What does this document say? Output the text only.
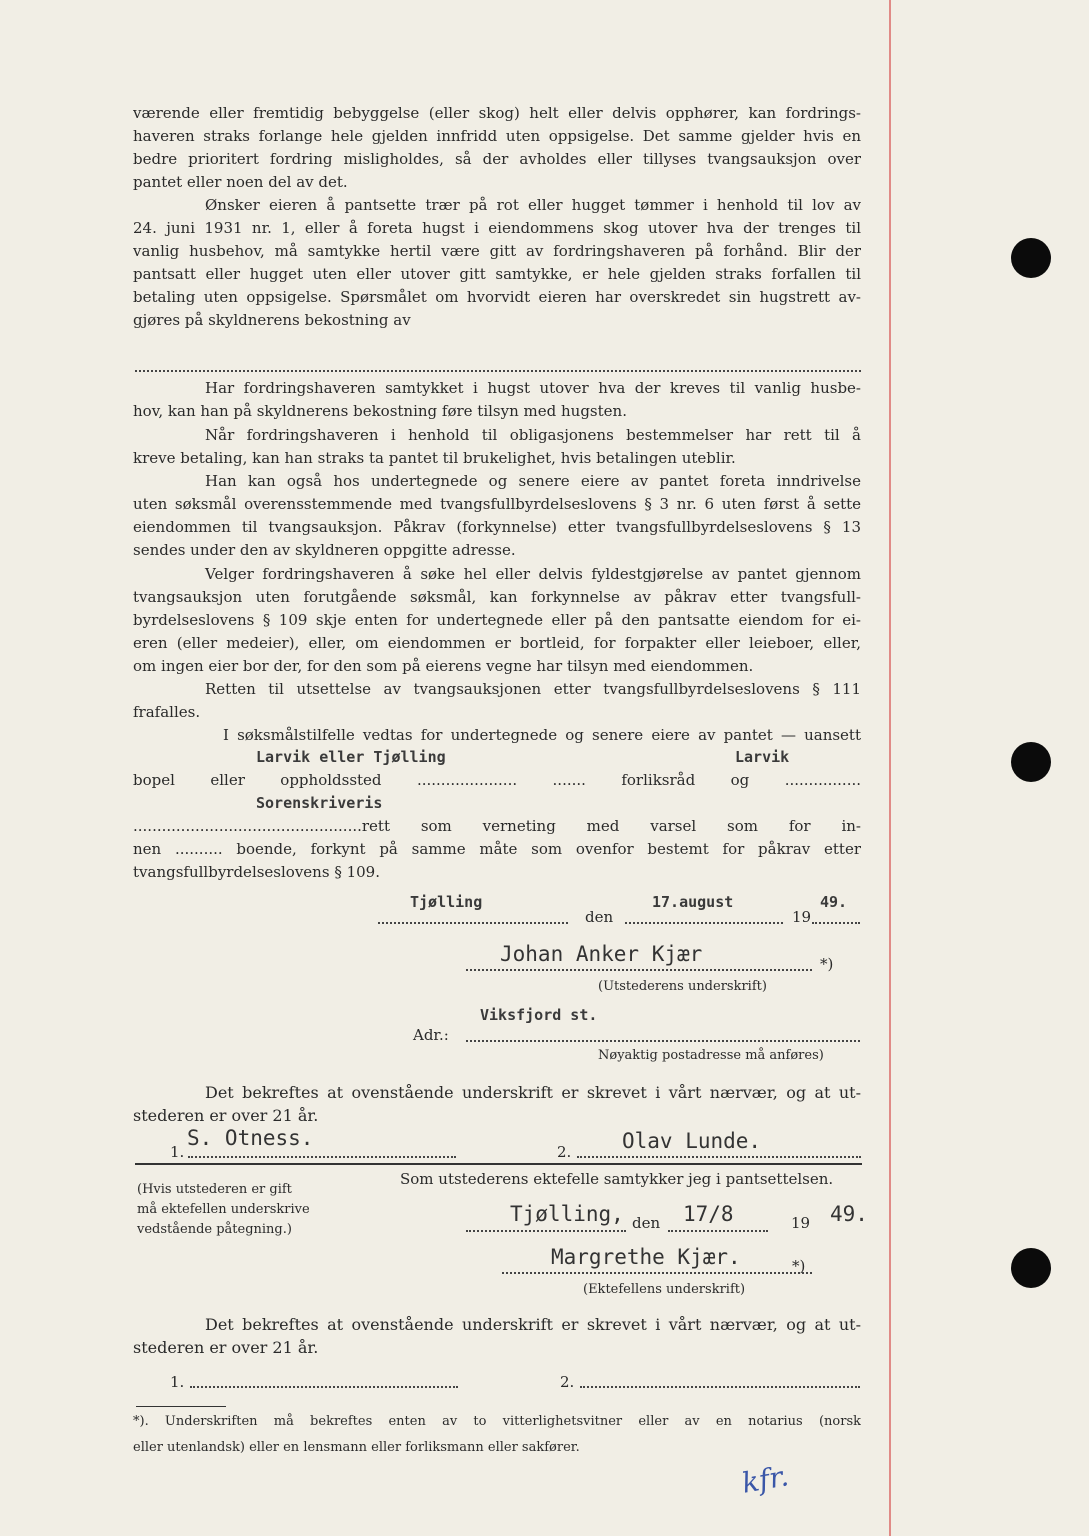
værende eller fremtidig bebyggelse (eller skog) helt eller delvis opphører, kan fordrings-
haveren straks forlange hele gjelden innfridd uten oppsigelse. Det samme gjelder hvis en
bedre prioritert fordring misligholdes, så der avholdes eller tillyses tvangsauksjon over
pantet eller noen del av det.
Ønsker eieren å pantsette trær på rot eller hugget tømmer i henhold til lov av
24. juni 1931 nr. 1, eller å foreta hugst i eiendommens skog utover hva der trenges til
vanlig husbehov, må samtykke hertil være gitt av fordringshaveren på forhånd. Blir der
pantsatt eller hugget uten eller utover gitt samtykke, er hele gjelden straks forfallen til
betaling uten oppsigelse. Spørsmålet om hvorvidt eieren har overskredet sin hugstrett av-
gjøres på skyldnerens bekostning av
Har fordringshaveren samtykket i hugst utover hva der kreves til vanlig husbe-
hov, kan han på skyldnerens bekostning føre tilsyn med hugsten.
Når fordringshaveren i henhold til obligasjonens bestemmelser har rett til å
kreve betaling, kan han straks ta pantet til brukelighet, hvis betalingen uteblir.
Han kan også hos undertegnede og senere eiere av pantet foreta inndrivelse
uten søksmål overensstemmende med tvangsfullbyrdelseslovens § 3 nr. 6 uten først å sette
eiendommen til tvangsauksjon. Påkrav (forkynnelse) etter tvangsfullbyrdelseslovens § 13
sendes under den av skyldneren oppgitte adresse.
Velger fordringshaveren å søke hel eller delvis fyldestgjørelse av pantet gjennom
tvangsauksjon uten forutgående søksmål, kan forkynnelse av påkrav etter tvangsfull-
byrdelseslovens § 109 skje enten for undertegnede eller på den pantsatte eiendom for ei-
eren (eller medeier), eller, om eiendommen er bortleid, for forpakter eller leieboer, eller,
om ingen eier bor der, for den som på eierens vegne har tilsyn med eiendommen.
Retten til utsettelse av tvangsauksjonen etter tvangsfullbyrdelseslovens § 111
frafalles.
I søksmålstilfelle vedtas for undertegnede og senere eiere av pantet — uansett
bopel eller oppholdssted ..................... ....... forliksråd og ................
................................................rett som verneting med varsel som for in-
nen .......... boende, forkynt på samme måte som ovenfor bestemt for påkrav etter
tvangsfullbyrdelseslovens § 109.
Larvik eller Tjølling	Larvik
Sorenskriveris
Tjølling	17.august	49.
den	19
Johan Anker Kjær	*)
(Utstederens underskrift)
Viksfjord st.
Adr.:
Nøyaktig postadresse må anføres)
Det bekreftes at ovenstående underskrift er skrevet i vårt nærvær, og at ut-
stederen er over 21 år.
1.
S. Otness.
2. Olav Lunde.
Som utstederens ektefelle samtykker jeg i pantsettelsen.
(Hvis utstederen er gift
må ektefellen underskrive
vedstående påtegning.)
Tjølling, den 17/8	19 49.
Margrethe Kjær.	*)
(Ektefellens underskrift)
Det bekreftes at ovenstående underskrift er skrevet i vårt nærvær, og at ut-
stederen er over 21 år.
1.	2.
*). Underskriften må bekreftes enten av to vitterlighetsvitner eller av en notarius (norsk
eller utenlandsk) eller en lensmann eller forliksmann eller sakfører.
kfr.
